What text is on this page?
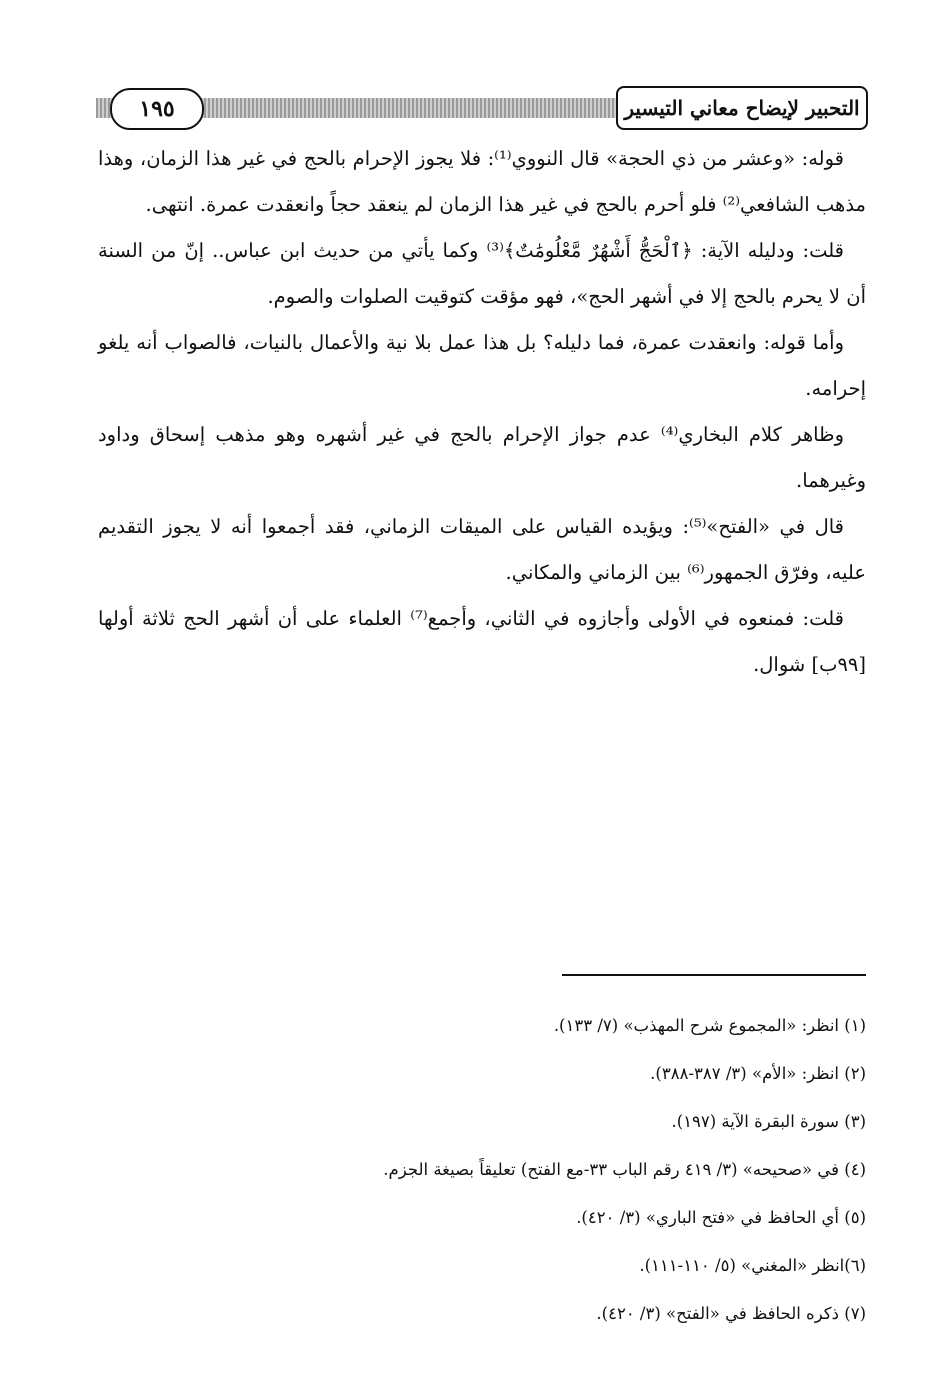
١٩٥	التحبير لإيضاح معاني التيسير

قوله: «وعشر من ذي الحجة» قال النووي⁽¹⁾: فلا يجوز الإحرام بالحج في غير هذا الزمان، وهذا مذهب الشافعي⁽²⁾ فلو أحرم بالحج في غير هذا الزمان لم ينعقد حجاً وانعقدت عمرة. انتهى.

قلت: ودليله الآية: ﴿ٱلْحَجُّ أَشْهُرٌ مَّعْلُومَٰتٌ﴾⁽³⁾ وكما يأتي من حديث ابن عباس.. إنّ من السنة أن لا يحرم بالحج إلا في أشهر الحج»، فهو مؤقت كتوقيت الصلوات والصوم.

وأما قوله: وانعقدت عمرة، فما دليله؟ بل هذا عمل بلا نية والأعمال بالنيات، فالصواب أنه يلغو إحرامه.

وظاهر كلام البخاري⁽⁴⁾ عدم جواز الإحرام بالحج في غير أشهره وهو مذهب إسحاق وداود وغيرهما.

قال في «الفتح»⁽⁵⁾: ويؤيده القياس على الميقات الزماني، فقد أجمعوا أنه لا يجوز التقديم عليه، وفرّق الجمهور⁽⁶⁾ بين الزماني والمكاني.

قلت: فمنعوه في الأولى وأجازوه في الثاني، وأجمع⁽⁷⁾ العلماء على أن أشهر الحج ثلاثة أولها [٩٩ب] شوال.

(١) انظر: «المجموع شرح المهذب» (٧/ ١٣٣).

(٢) انظر: «الأم» (٣/ ٣٨٧-٣٨٨).

(٣) سورة البقرة الآية (١٩٧).

(٤) في «صحيحه» (٣/ ٤١٩ رقم الباب ٣٣-مع الفتح) تعليقاً بصيغة الجزم.

(٥) أي الحافظ في «فتح الباري» (٣/ ٤٢٠).

(٦)انظر «المغني» (٥/ ١١٠-١١١).

(٧) ذكره الحافظ في «الفتح» (٣/ ٤٢٠).
